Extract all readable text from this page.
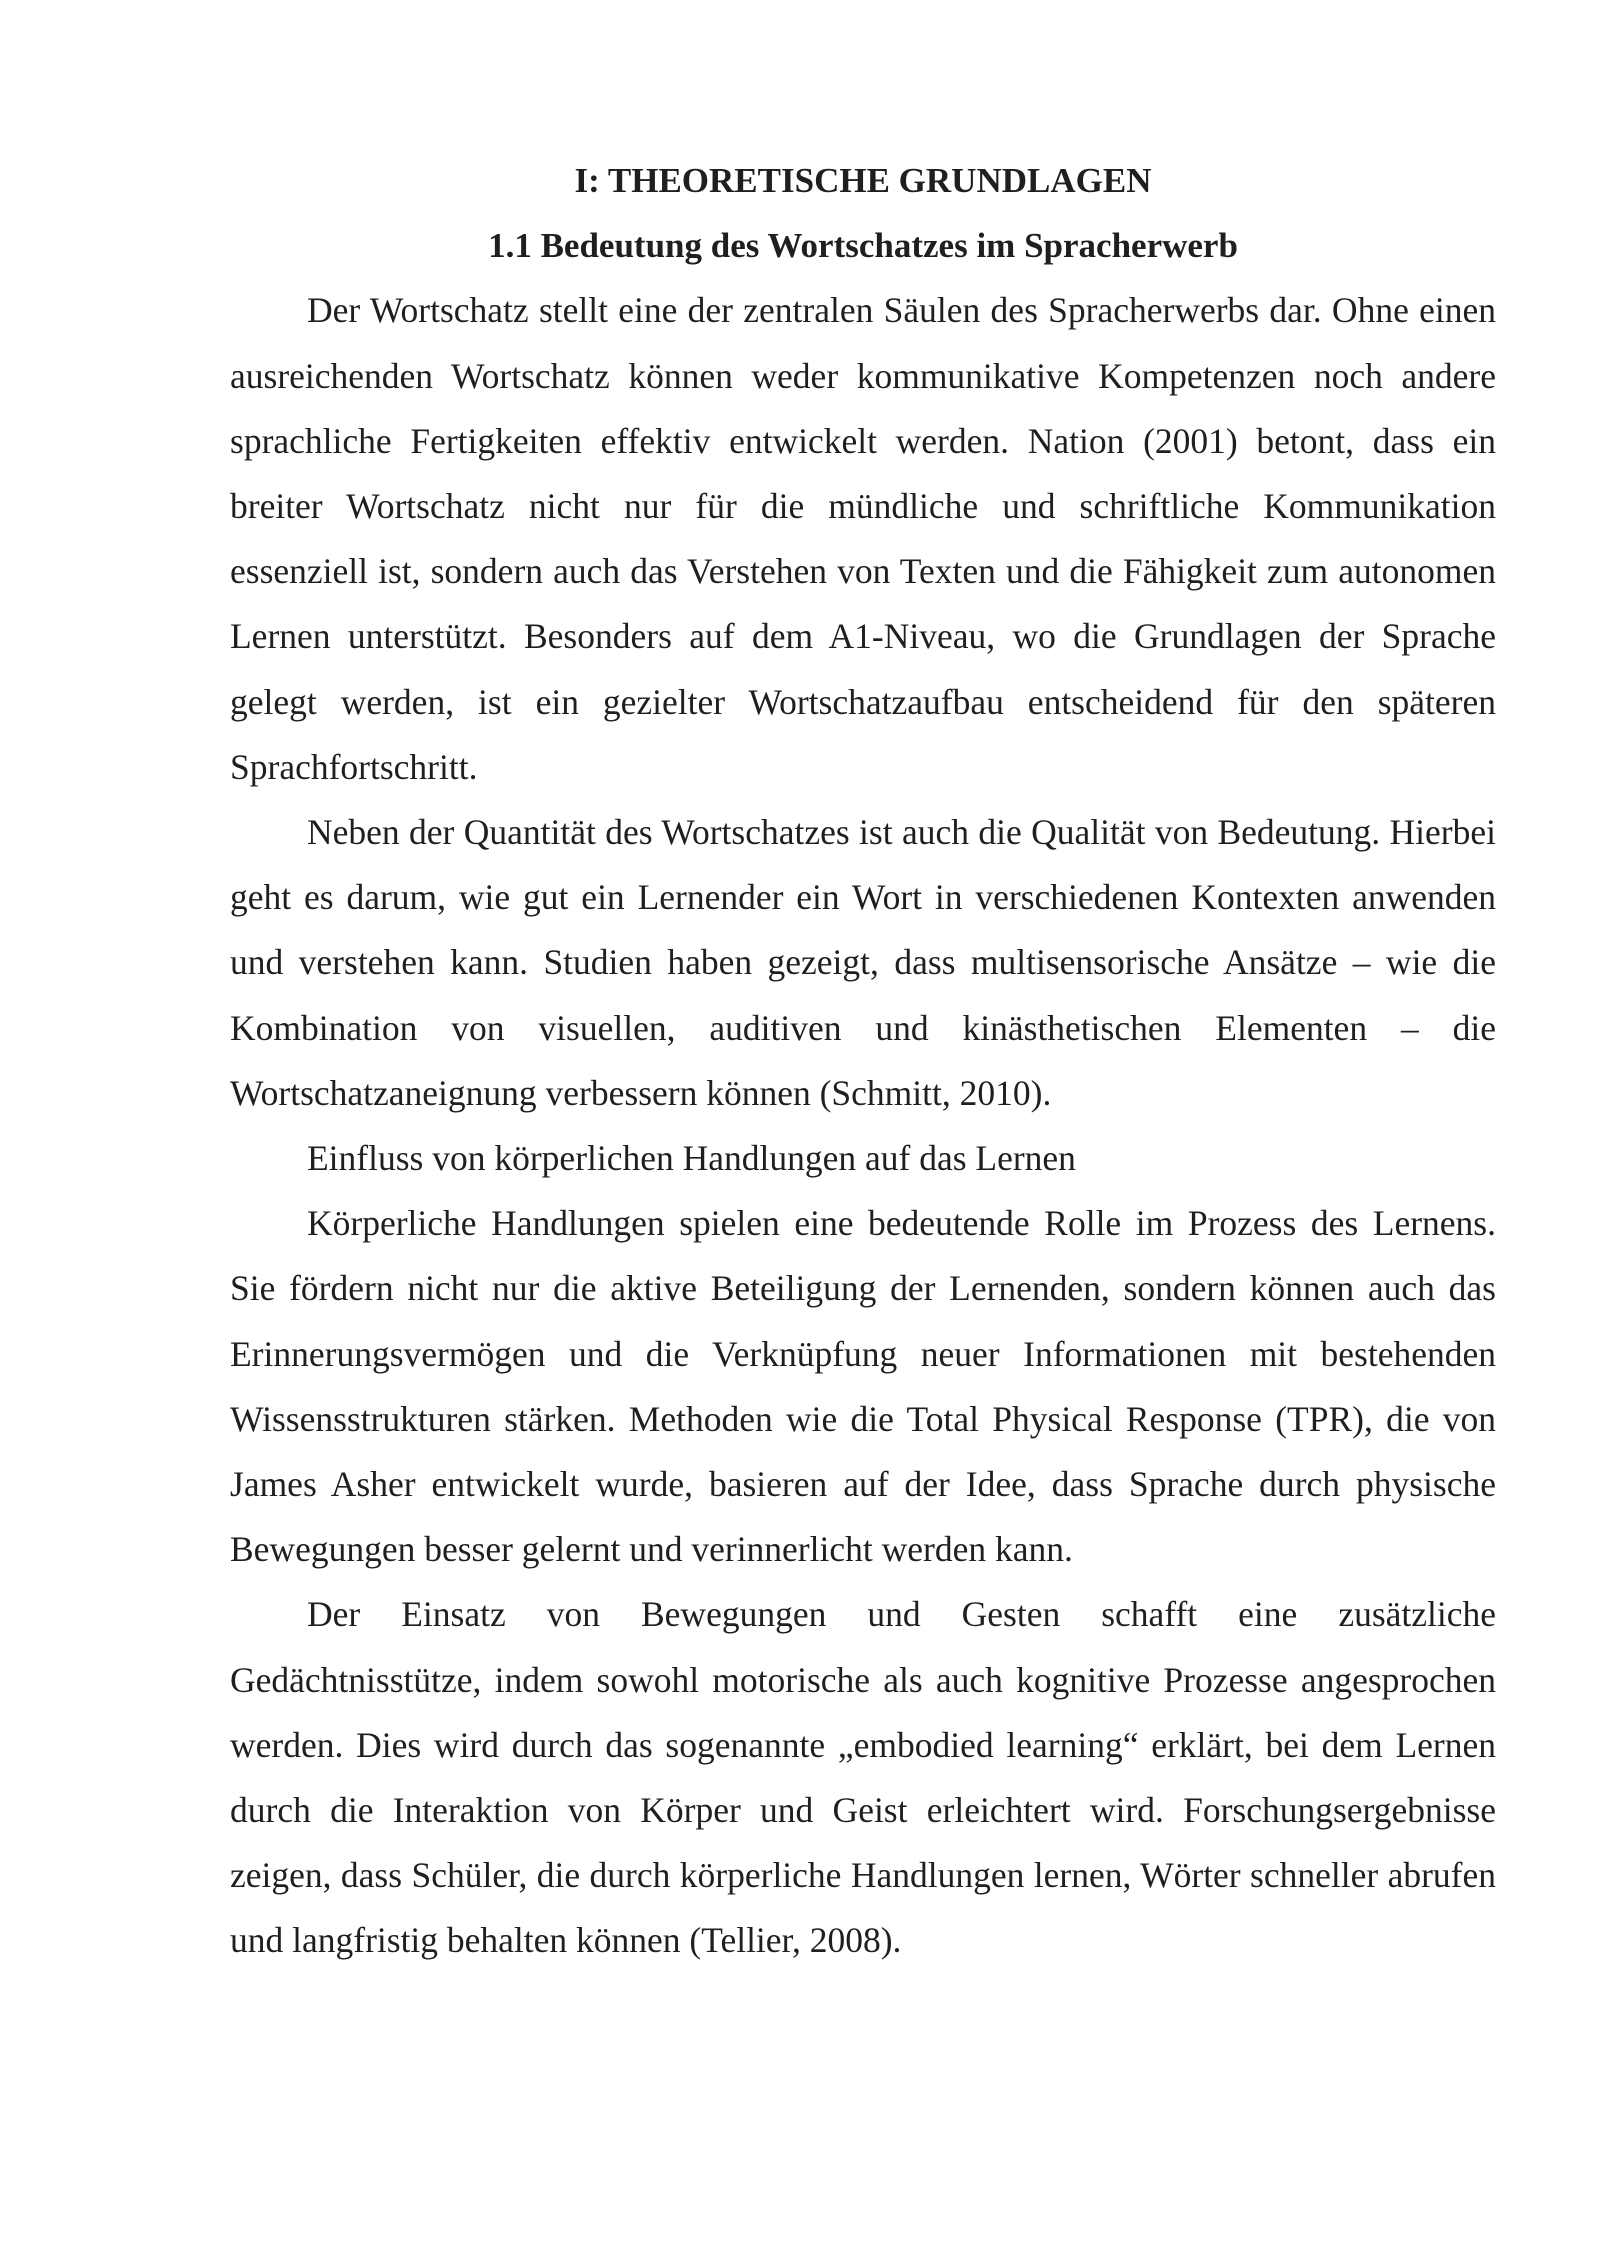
I: THEORETISCHE GRUNDLAGEN
1.1 Bedeutung des Wortschatzes im Spracherwerb

Der Wortschatz stellt eine der zentralen Säulen des Spracherwerbs dar. Ohne einen ausreichenden Wortschatz können weder kommunikative Kompetenzen noch andere sprachliche Fertigkeiten effektiv entwickelt werden. Nation (2001) betont, dass ein breiter Wortschatz nicht nur für die mündliche und schriftliche Kommunikation essenziell ist, sondern auch das Verstehen von Texten und die Fähigkeit zum autonomen Lernen unterstützt. Besonders auf dem A1-Niveau, wo die Grundlagen der Sprache gelegt werden, ist ein gezielter Wortschatzaufbau entscheidend für den späteren Sprachfortschritt.

Neben der Quantität des Wortschatzes ist auch die Qualität von Bedeutung. Hierbei geht es darum, wie gut ein Lernender ein Wort in verschiedenen Kontexten anwenden und verstehen kann. Studien haben gezeigt, dass multisensorische Ansätze – wie die Kombination von visuellen, auditiven und kinästhetischen Elementen – die Wortschatzaneignung verbessern können (Schmitt, 2010).

Einfluss von körperlichen Handlungen auf das Lernen

Körperliche Handlungen spielen eine bedeutende Rolle im Prozess des Lernens. Sie fördern nicht nur die aktive Beteiligung der Lernenden, sondern können auch das Erinnerungsvermögen und die Verknüpfung neuer Informationen mit bestehenden Wissensstrukturen stärken. Methoden wie die Total Physical Response (TPR), die von James Asher entwickelt wurde, basieren auf der Idee, dass Sprache durch physische Bewegungen besser gelernt und verinnerlicht werden kann.

Der Einsatz von Bewegungen und Gesten schafft eine zusätzliche Gedächtnisstütze, indem sowohl motorische als auch kognitive Prozesse angesprochen werden. Dies wird durch das sogenannte „embodied learning“ erklärt, bei dem Lernen durch die Interaktion von Körper und Geist erleichtert wird. Forschungsergebnisse zeigen, dass Schüler, die durch körperliche Handlungen lernen, Wörter schneller abrufen und langfristig behalten können (Tellier, 2008).
